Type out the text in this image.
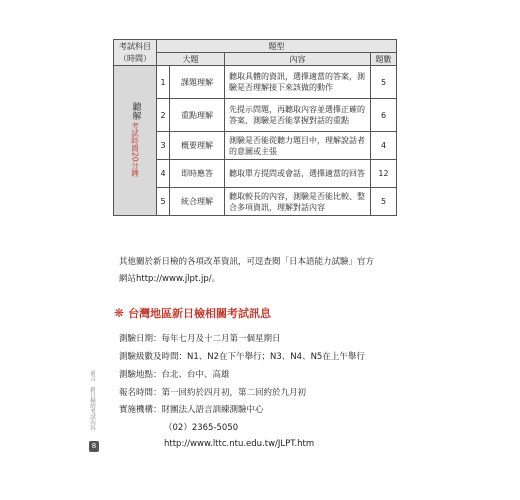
考試科目
（時間）	題型			
	大題		內容	題數
聽解
考試時間20分鐘	1	課題理解	聽取具體的資訊，選擇適當的答案，測驗是否理解接下來該做的動作	5
	2	重點理解	先提示問題，再聽取內容並選擇正確的答案，測驗是否能掌握對話的重點	6
	3	概要理解	測驗是否能從聽力題目中，理解說話者的意圖或主張	4
	4	即時應答	聽取單方提問或會話，選擇適當的回答	12
	5	統合理解	聽取較長的內容，測驗是否能比較、整合多項資訊，理解對話內容	5
其他關於新日檢的各項改革資訊，可逕查閱「日本語能力試驗」官方
網站http://www.jlpt.jp/。
❋ 台灣地區新日檢相關考試訊息
測驗日期：每年七月及十二月第一個星期日
測驗級數及時間：N1、N2在下午舉行；N3、N4、N5在上午舉行
測驗地點：台北、台中、高雄
報名時間：第一回約於四月初，第二回約於九月初
實施機構：財團法人語言訓練測驗中心
（02）2365-5050
http://www.lttc.ntu.edu.tw/JLPT.htm
前言　新日檢的考試內容
8
